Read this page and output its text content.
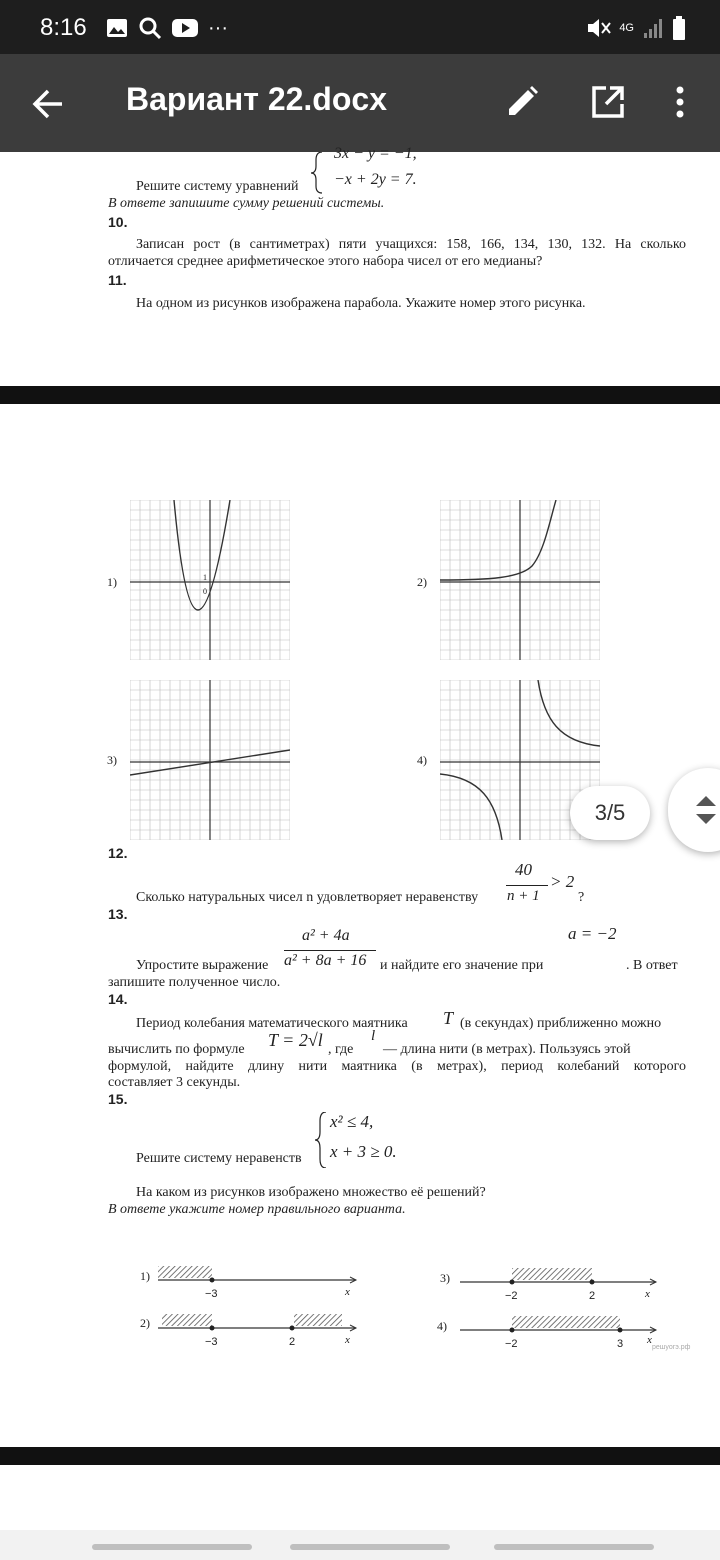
8:16	···	4G
Вариант 22.docx
3x − y = −1,
−x + 2y = 7.
Решите систему уравнений
В ответе запишите сумму решений системы.
10.
Записан рост (в сантиметрах) пяти учащихся: 158, 166, 134, 130, 132. На сколько
отличается среднее арифметическое этого набора чисел от его медианы?
11.
На одном из рисунков изображена парабола. Укажите номер этого рисунка.
1)	2)
3)	4)
1
0
12.
40
> 2
Сколько натуральных чисел n удовлетворяет неравенству n + 1	?
13.
a² + 4a	a = −2
Упростите выражение a² + 8a + 16 и найдите его значение при	. В ответ
запишите полученное число.
14.
Период колебания математического маятника T (в секундах) приближенно можно
вычислить по формуле T = 2√l , где
l
— длина нити (в метрах). Пользуясь этой
формулой, найдите длину нити маятника (в метрах), период колебаний которого
составляет 3 секунды.
15.
x² ≤ 4,
x + 3 ≥ 0.
Решите систему неравенств
На каком из рисунков изображено множество её решений?
В ответе укажите номер правильного варианта.
1)
−3	x
2)
−3	2	x
3)
−2	2	x
4)
−2	3 x
решуогэ.рф
3/5
